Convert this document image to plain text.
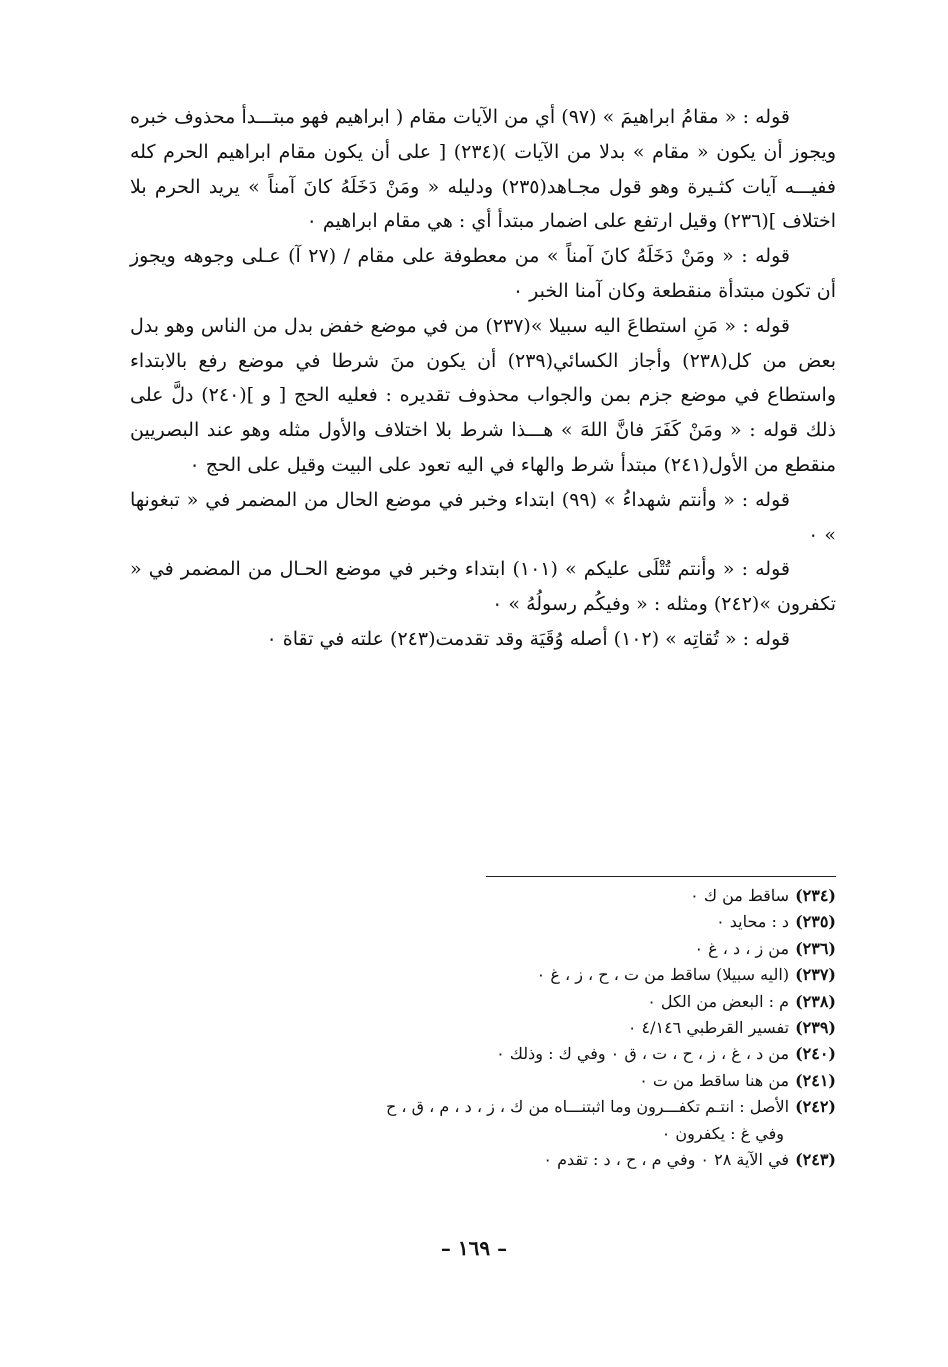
قوله : « مقامُ ابراهيمَ » (٩٧) أي من الآيات مقام ( ابراهيم فهو مبتـــدأ محذوف خبره ويجوز أن يكون « مقام » بدلا من الآيات )(٢٣٤) [ على أن يكون مقام ابراهيم الحرم كله ففيـــه آيات كثـيرة وهو قول مجـاهد(٢٣٥) ودليله « ومَنْ دَخَلَهُ كانَ آمناً » يريد الحرم بلا اختلاف ](٢٣٦) وقيل ارتفع على اضمار مبتدأ أي : هي مقام ابراهيم ٠

قوله : « ومَنْ دَخَلَهُ كانَ آمناً » من معطوفة على مقام / (٢٧ آ) عـلى وجوهه ويجوز أن تكون مبتدأة منقطعة وكان آمنا الخبر ٠

قوله : « مَنِ استطاعَ اليه سبيلا »(٢٣٧) من في موضع خفض بدل من الناس وهو بدل بعض من كل(٢٣٨) وأجاز الكسائي(٢٣٩) أن يكون منَ شرطا في موضع رفع بالابتداء واستطاع في موضع جزم بمن والجواب محذوف تقديره : فعليه الحج [ و ](٢٤٠) دلَّ على ذلك قوله : « ومَنْ كَفَرَ فانَّ اللهَ » هـــذا شرط بلا اختلاف والأول مثله وهو عند البصريين منقطع من الأول(٢٤١) مبتدأ شرط والهاء في اليه تعود على البيت وقيل على الحج ٠

قوله : « وأنتم شهداءُ » (٩٩) ابتداء وخبر في موضع الحال من المضمر في « تبغونها » ٠

قوله : « وأنتم تُتْلَى عليكم » (١٠١) ابتداء وخبر في موضع الحـال من المضمر في « تكفرون »(٢٤٢) ومثله : « وفيكُم رسولُهُ » ٠

قوله : « تُقاتِه » (١٠٢) أصله وُقَيَة وقد تقدمت(٢٤٣) علته في تقاة ٠

(٢٣٤)ساقط من ك ٠
(٢٣٥)د : محايد ٠
(٢٣٦)من ز ، د ، غ ٠
(٢٣٧)(اليه سبيلا) ساقط من ت ، ح ، ز ، غ ٠
(٢٣٨)م : البعض من الكل ٠
(٢٣٩)تفسير القرطبي ٤/١٤٦ ٠
(٢٤٠)من د ، غ ، ز ، ح ، ت ، ق ٠ وفي ك : وذلك ٠
(٢٤١)من هنا ساقط من ت ٠
(٢٤٢)الأصل : انتـم تكفـــرون وما اثبتنـــاه من ك ، ز ، د ، م ، ق ، ح
وفي غ : يكفرون ٠
(٢٤٣)في الآية ٢٨ ٠ وفي م ، ح ، د : تقدم ٠
– ١٦٩ –
